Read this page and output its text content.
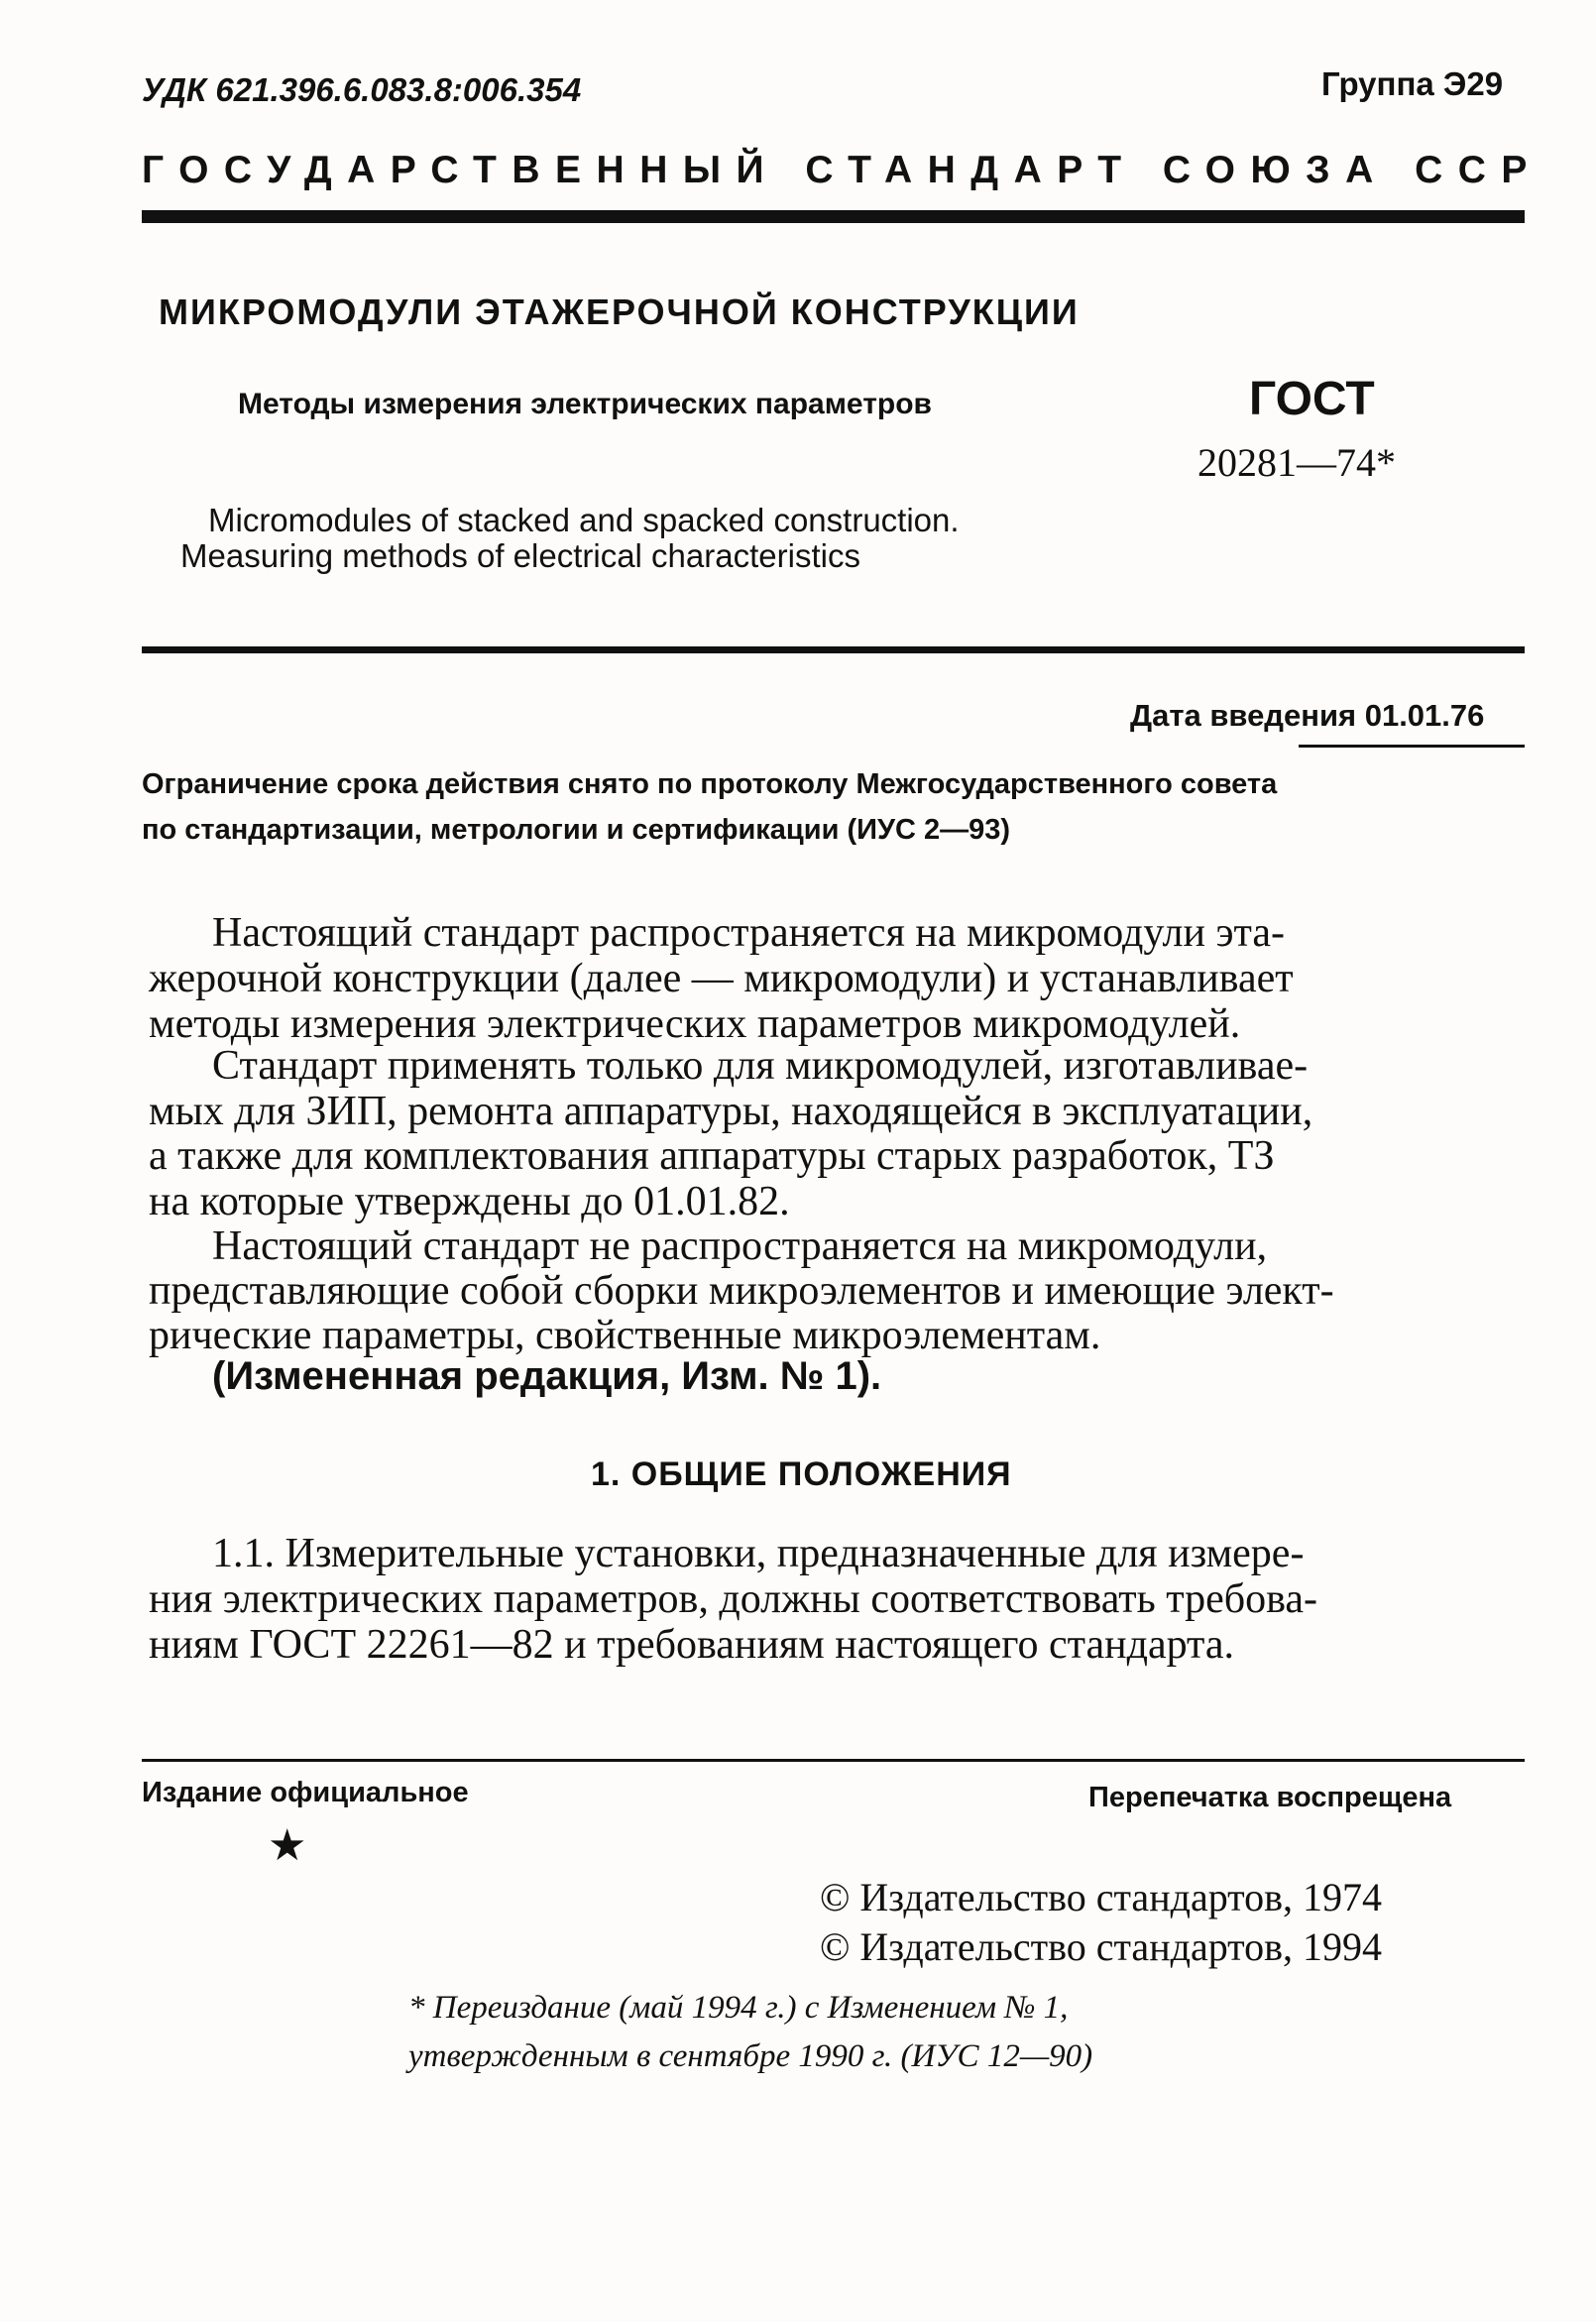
УДК 621.396.6.083.8:006.354	Группа Э29
ГОСУДАРСТВЕННЫЙ СТАНДАРТ СОЮЗА ССР
МИКРОМОДУЛИ ЭТАЖЕРОЧНОЙ КОНСТРУКЦИИ
Методы измерения электрических параметров	ГОСТ
20281—74*
Micromodules of stacked and spacked construction.
Measuring methods of electrical characteristics
Дата введения 01.01.76
Ограничение срока действия снято по протоколу Межгосударственного совета
по стандартизации, метрологии и сертификации (ИУС 2—93)
Настоящий стандарт распространяется на микромодули эта-
жерочной конструкции (далее — микромодули) и устанавливает
методы измерения электрических параметров микромодулей.
Стандарт применять только для микромодулей, изготавливае-
мых для ЗИП, ремонта аппаратуры, находящейся в эксплуатации,
а также для комплектования аппаратуры старых разработок, ТЗ
на которые утверждены до 01.01.82.
Настоящий стандарт не распространяется на микромодули,
представляющие собой сборки микроэлементов и имеющие элект-
рические параметры, свойственные микроэлементам.
(Измененная редакция, Изм. № 1).
1. ОБЩИЕ ПОЛОЖЕНИЯ
1.1. Измерительные установки, предназначенные для измере-
ния электрических параметров, должны соответствовать требова-
ниям ГОСТ 22261—82 и требованиям настоящего стандарта.
Издание официальное	Перепечатка воспрещена
★
© Издательство стандартов, 1974
© Издательство стандартов, 1994
* Переиздание (май 1994 г.) с Изменением № 1,
утвержденным в сентябре 1990 г. (ИУС 12—90)
